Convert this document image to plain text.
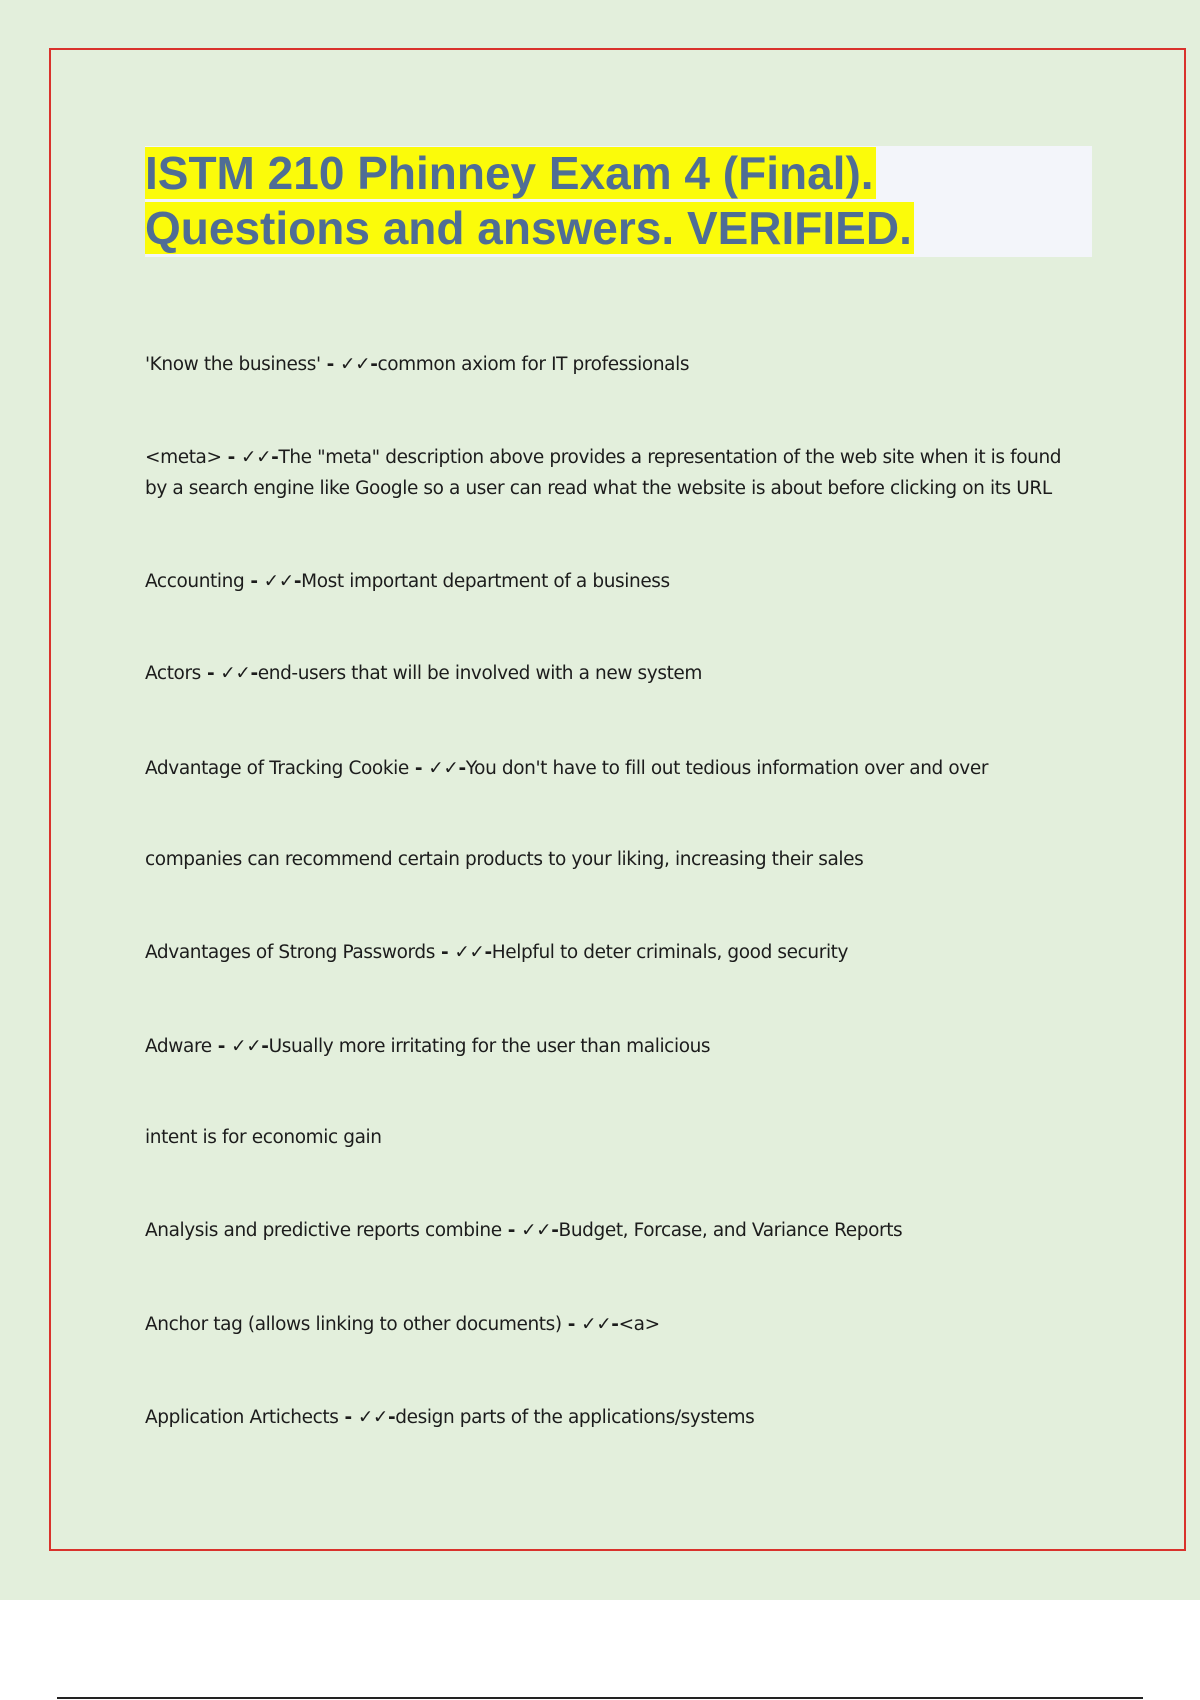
ISTM 210 Phinney Exam 4 (Final).
Questions and answers. VERIFIED.

'Know the business' - ✓✓-common axiom for IT professionals

<meta> - ✓✓-The "meta" description above provides a representation of the web site when it is found by a search engine like Google so a user can read what the website is about before clicking on its URL

Accounting - ✓✓-Most important department of a business

Actors - ✓✓-end-users that will be involved with a new system

Advantage of Tracking Cookie - ✓✓-You don't have to fill out tedious information over and over

companies can recommend certain products to your liking, increasing their sales

Advantages of Strong Passwords - ✓✓-Helpful to deter criminals, good security

Adware - ✓✓-Usually more irritating for the user than malicious

intent is for economic gain

Analysis and predictive reports combine - ✓✓-Budget, Forcase, and Variance Reports

Anchor tag (allows linking to other documents) - ✓✓-<a>

Application Artichects - ✓✓-design parts of the applications/systems
